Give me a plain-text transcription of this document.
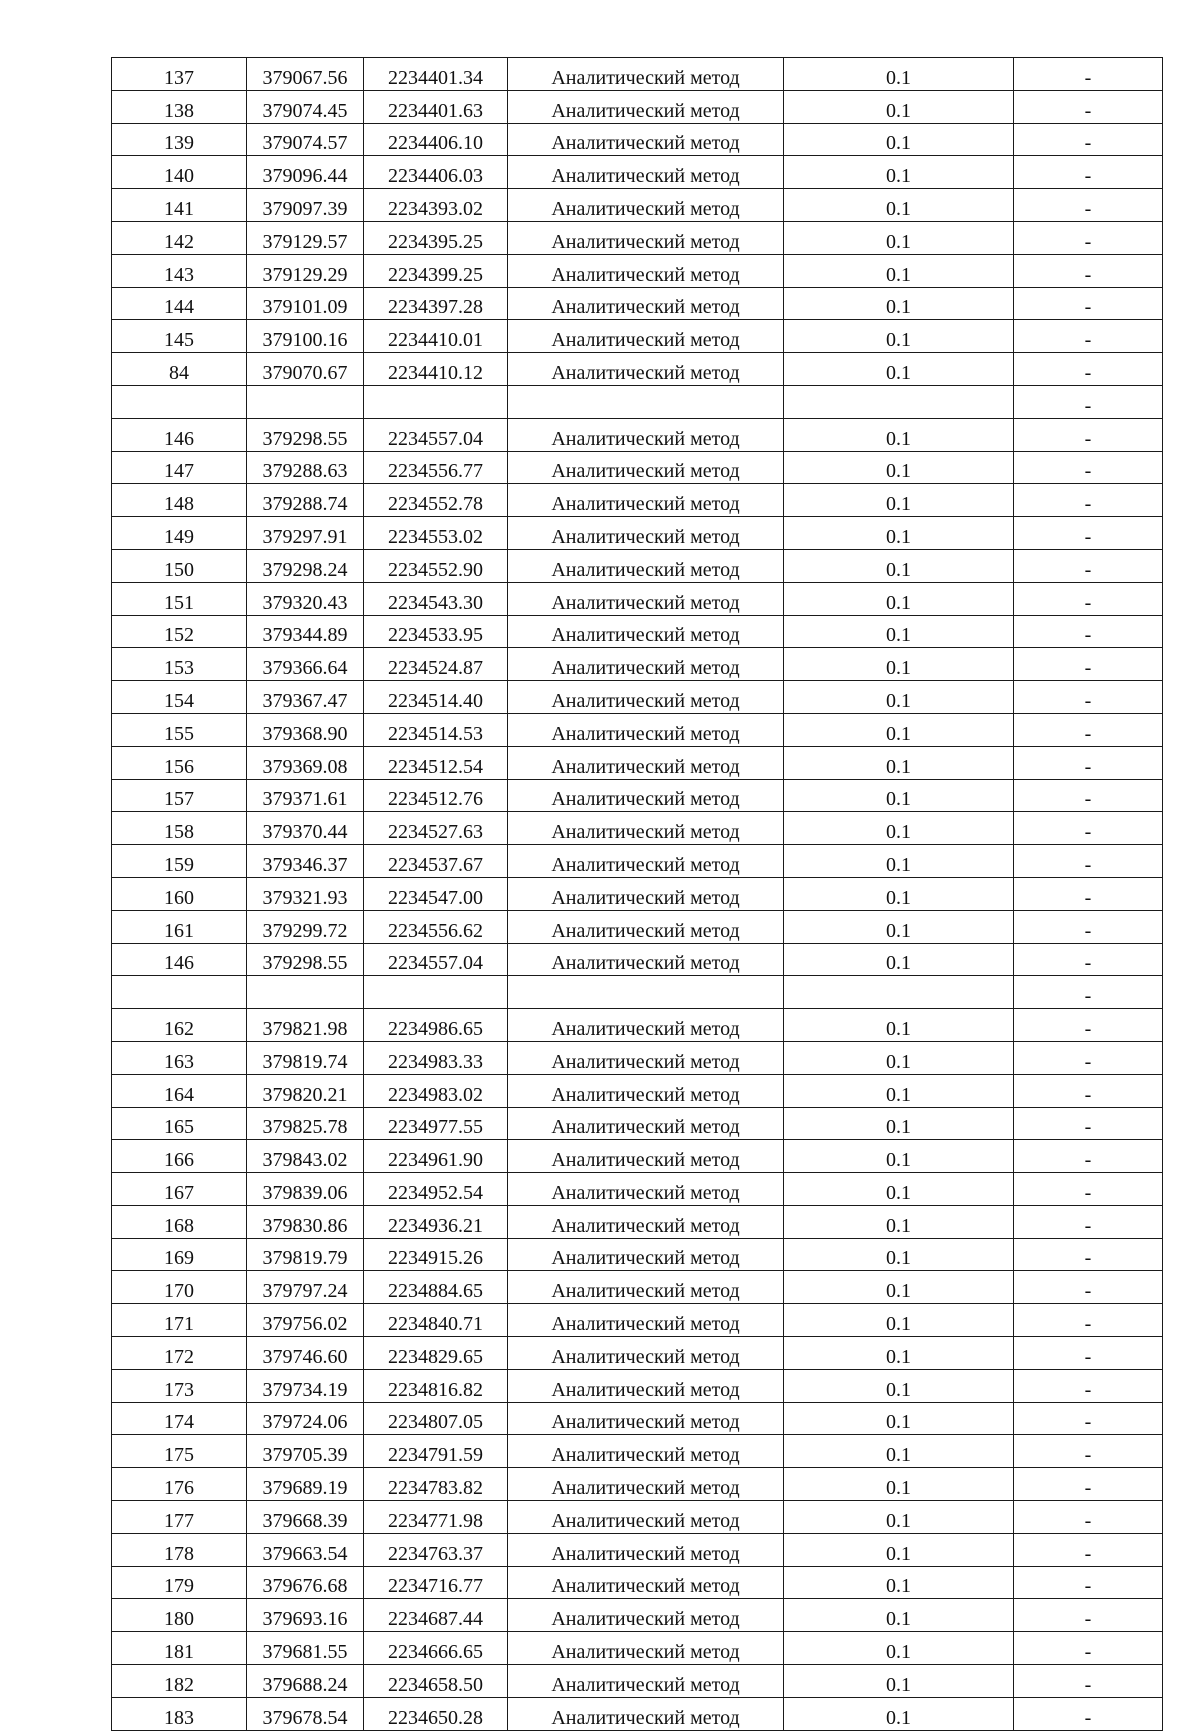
137	379067.56	2234401.34	Аналитический метод	0.1	-
138	379074.45	2234401.63	Аналитический метод	0.1	-
139	379074.57	2234406.10	Аналитический метод	0.1	-
140	379096.44	2234406.03	Аналитический метод	0.1	-
141	379097.39	2234393.02	Аналитический метод	0.1	-
142	379129.57	2234395.25	Аналитический метод	0.1	-
143	379129.29	2234399.25	Аналитический метод	0.1	-
144	379101.09	2234397.28	Аналитический метод	0.1	-
145	379100.16	2234410.01	Аналитический метод	0.1	-
84	379070.67	2234410.12	Аналитический метод	0.1	-
					-
146	379298.55	2234557.04	Аналитический метод	0.1	-
147	379288.63	2234556.77	Аналитический метод	0.1	-
148	379288.74	2234552.78	Аналитический метод	0.1	-
149	379297.91	2234553.02	Аналитический метод	0.1	-
150	379298.24	2234552.90	Аналитический метод	0.1	-
151	379320.43	2234543.30	Аналитический метод	0.1	-
152	379344.89	2234533.95	Аналитический метод	0.1	-
153	379366.64	2234524.87	Аналитический метод	0.1	-
154	379367.47	2234514.40	Аналитический метод	0.1	-
155	379368.90	2234514.53	Аналитический метод	0.1	-
156	379369.08	2234512.54	Аналитический метод	0.1	-
157	379371.61	2234512.76	Аналитический метод	0.1	-
158	379370.44	2234527.63	Аналитический метод	0.1	-
159	379346.37	2234537.67	Аналитический метод	0.1	-
160	379321.93	2234547.00	Аналитический метод	0.1	-
161	379299.72	2234556.62	Аналитический метод	0.1	-
146	379298.55	2234557.04	Аналитический метод	0.1	-
					-
162	379821.98	2234986.65	Аналитический метод	0.1	-
163	379819.74	2234983.33	Аналитический метод	0.1	-
164	379820.21	2234983.02	Аналитический метод	0.1	-
165	379825.78	2234977.55	Аналитический метод	0.1	-
166	379843.02	2234961.90	Аналитический метод	0.1	-
167	379839.06	2234952.54	Аналитический метод	0.1	-
168	379830.86	2234936.21	Аналитический метод	0.1	-
169	379819.79	2234915.26	Аналитический метод	0.1	-
170	379797.24	2234884.65	Аналитический метод	0.1	-
171	379756.02	2234840.71	Аналитический метод	0.1	-
172	379746.60	2234829.65	Аналитический метод	0.1	-
173	379734.19	2234816.82	Аналитический метод	0.1	-
174	379724.06	2234807.05	Аналитический метод	0.1	-
175	379705.39	2234791.59	Аналитический метод	0.1	-
176	379689.19	2234783.82	Аналитический метод	0.1	-
177	379668.39	2234771.98	Аналитический метод	0.1	-
178	379663.54	2234763.37	Аналитический метод	0.1	-
179	379676.68	2234716.77	Аналитический метод	0.1	-
180	379693.16	2234687.44	Аналитический метод	0.1	-
181	379681.55	2234666.65	Аналитический метод	0.1	-
182	379688.24	2234658.50	Аналитический метод	0.1	-
183	379678.54	2234650.28	Аналитический метод	0.1	-
